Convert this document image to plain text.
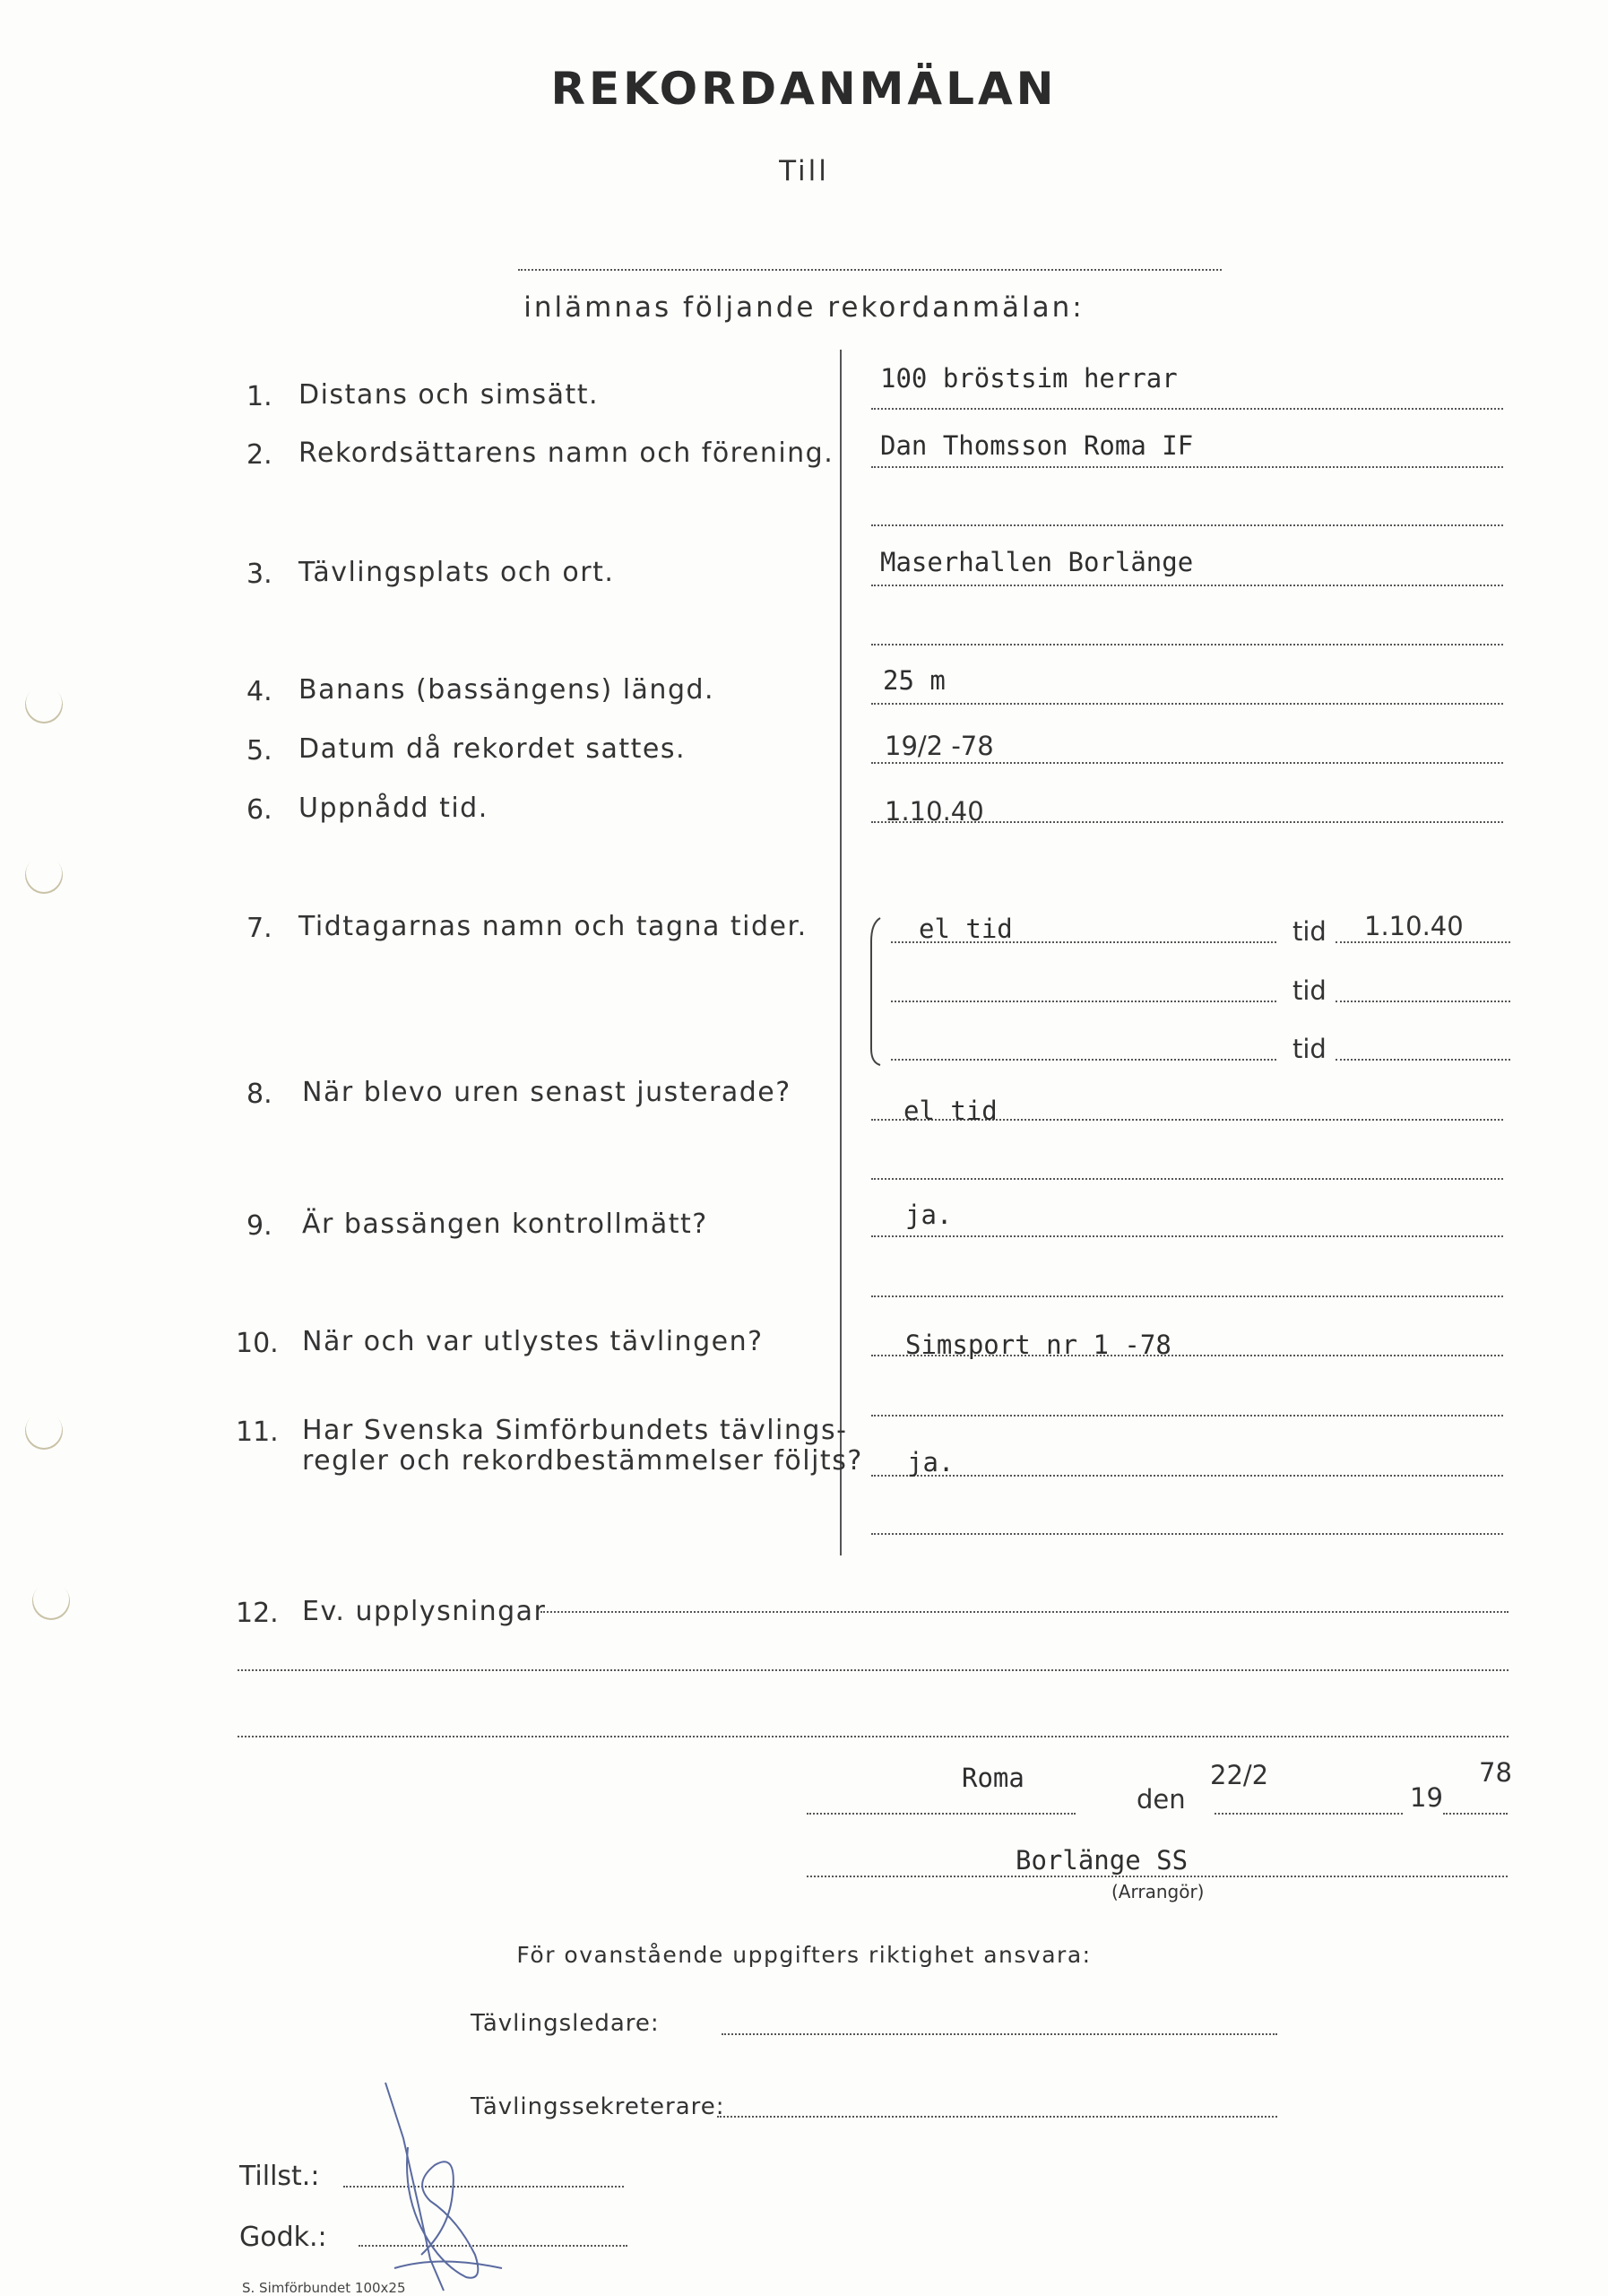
REKORDANMÄLAN
Till
inlämnas följande rekordanmälan:
1. Distans och simsätt.
2. Rekordsättarens namn och förening.
3. Tävlingsplats och ort.
4. Banans (bassängens) längd.
5. Datum då rekordet sattes.
6. Uppnådd tid.
7. Tidtagarnas namn och tagna tider.
8. När blevo uren senast justerade?
9. Är bassängen kontrollmätt?
10. När och var utlystes tävlingen?
11. Har Svenska Simförbundets tävlings-
regler och rekordbestämmelser följts?
100 bröstsim herrar
Dan Thomsson Roma IF
Maserhallen Borlänge
25 m
19/2 -78
1.10.40
el tid	tid 1.10.40
tid
tid
el tid
ja.
Simsport nr 1 -78
ja.
12. Ev. upplysningar
Roma
den
22/2
19
78
Borlänge SS
(Arrangör)
För ovanstående uppgifters riktighet ansvara:
Tävlingsledare:
Tävlingssekreterare:
Tillst.:
Godk.:
S. Simförbundet 100x25
